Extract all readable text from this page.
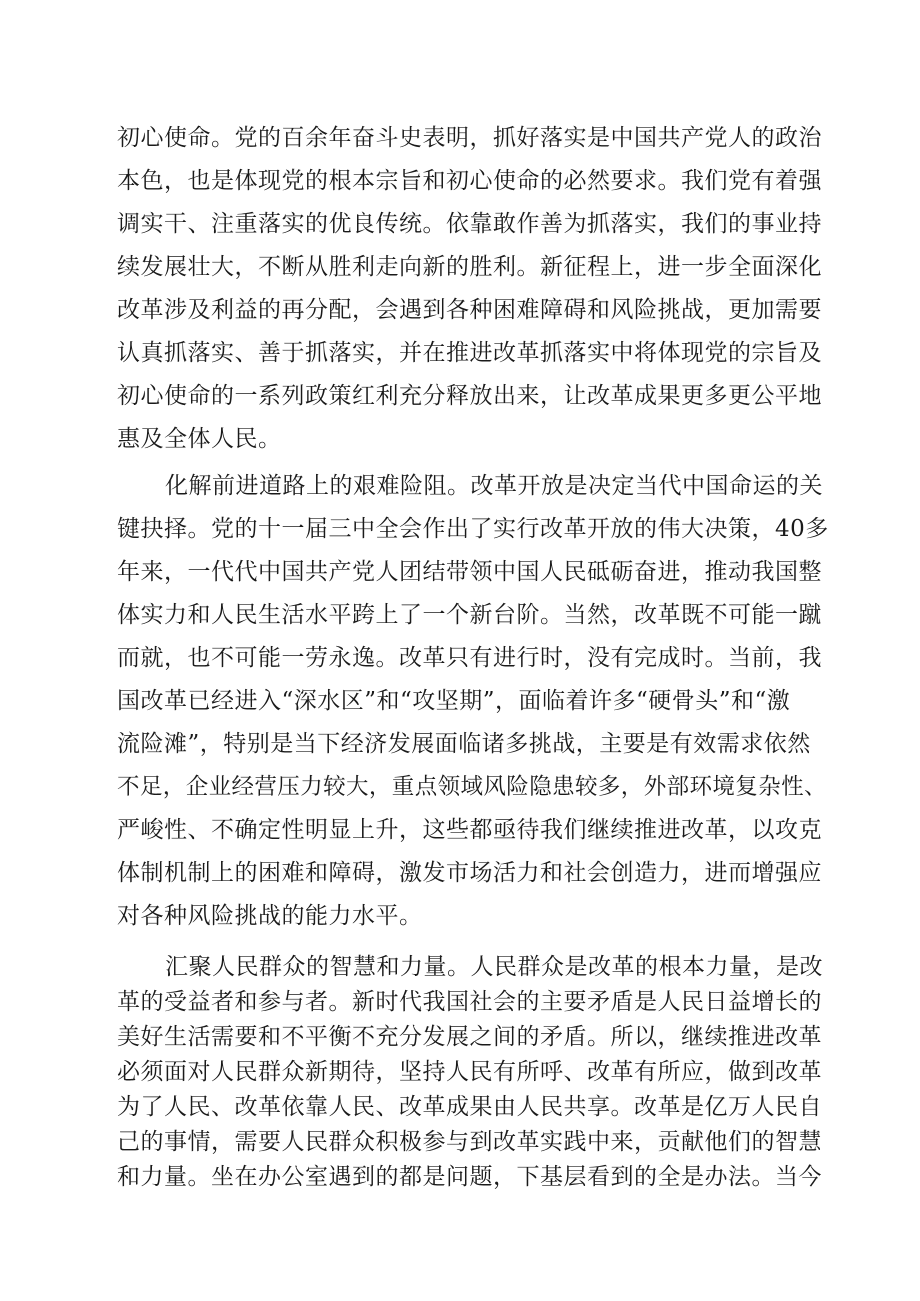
初心使命。党的百余年奋斗史表明，抓好落实是中国共产党人的政治
本色，也是体现党的根本宗旨和初心使命的必然要求。我们党有着强
调实干、注重落实的优良传统。依靠敢作善为抓落实，我们的事业持
续发展壮大，不断从胜利走向新的胜利。新征程上，进一步全面深化
改革涉及利益的再分配，会遇到各种困难障碍和风险挑战，更加需要
认真抓落实、善于抓落实，并在推进改革抓落实中将体现党的宗旨及
初心使命的一系列政策红利充分释放出来，让改革成果更多更公平地
惠及全体人民。
化解前进道路上的艰难险阻。改革开放是决定当代中国命运的关
键抉择。党的十一届三中全会作出了实行改革开放的伟大决策，40多
年来，一代代中国共产党人团结带领中国人民砥砺奋进，推动我国整
体实力和人民生活水平跨上了一个新台阶。当然，改革既不可能一蹴
而就，也不可能一劳永逸。改革只有进行时，没有完成时。当前，我
国改革已经进入“深水区”和“攻坚期”，面临着许多“硬骨头”和“激
流险滩”，特别是当下经济发展面临诸多挑战，主要是有效需求依然
不足，企业经营压力较大，重点领域风险隐患较多，外部环境复杂性、
严峻性、不确定性明显上升，这些都亟待我们继续推进改革，以攻克
体制机制上的困难和障碍，激发市场活力和社会创造力，进而增强应
对各种风险挑战的能力水平。
汇聚人民群众的智慧和力量。人民群众是改革的根本力量，是改
革的受益者和参与者。新时代我国社会的主要矛盾是人民日益增长的
美好生活需要和不平衡不充分发展之间的矛盾。所以，继续推进改革
必须面对人民群众新期待，坚持人民有所呼、改革有所应，做到改革
为了人民、改革依靠人民、改革成果由人民共享。改革是亿万人民自
己的事情，需要人民群众积极参与到改革实践中来，贡献他们的智慧
和力量。坐在办公室遇到的都是问题，下基层看到的全是办法。当今
